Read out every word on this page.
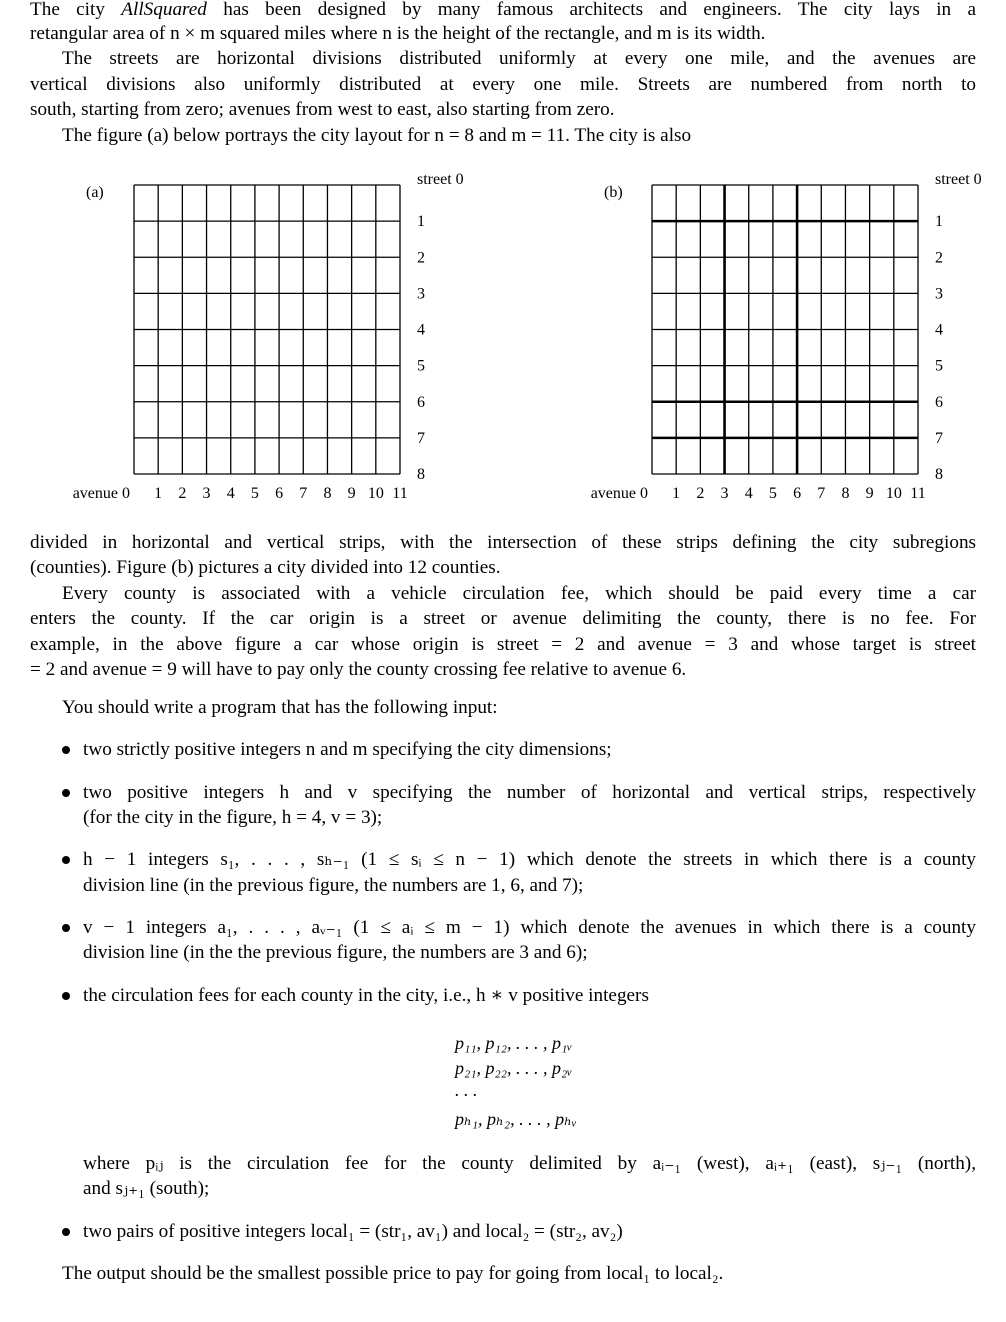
The city AllSquared has been designed by many famous architects and engineers. The city lays in a
retangular area of n × m squared miles where n is the height of the rectangle, and m is its width.
The streets are horizontal divisions distributed uniformly at every one mile, and the avenues are
vertical divisions also uniformly distributed at every one mile. Streets are numbered from north to
south, starting from zero; avenues from west to east, also starting from zero.
The figure (a) below portrays the city layout for n = 8 and m = 11. The city is also
divided in horizontal and vertical strips, with the intersection of these strips defining the city subregions
(counties). Figure (b) pictures a city divided into 12 counties.
Every county is associated with a vehicle circulation fee, which should be paid every time a car
enters the county. If the car origin is a street or avenue delimiting the county, there is no fee. For
example, in the above figure a car whose origin is street = 2 and avenue = 3 and whose target is street
= 2 and avenue = 9 will have to pay only the county crossing fee relative to avenue 6.
You should write a program that has the following input:
two strictly positive integers n and m specifying the city dimensions;
two positive integers h and v specifying the number of horizontal and vertical strips, respectively
(for the city in the figure, h = 4, v = 3);
h − 1 integers s₁, . . . , sₕ₋₁ (1 ≤ sᵢ ≤ n − 1) which denote the streets in which there is a county
division line (in the previous figure, the numbers are 1, 6, and 7);
v − 1 integers a₁, . . . , aᵥ₋₁ (1 ≤ aᵢ ≤ m − 1) which denote the avenues in which there is a county
division line (in the the previous figure, the numbers are 3 and 6);
the circulation fees for each county in the city, i.e., h ∗ v positive integers
p₁₁, p₁₂, . . . , p₁ᵥ
p₂₁, p₂₂, . . . , p₂ᵥ
. . .
pₕ₁, pₕ₂, . . . , pₕᵥ
where pᵢⱼ is the circulation fee for the county delimited by aᵢ₋₁ (west), aᵢ₊₁ (east), sⱼ₋₁ (north),
and sⱼ₊₁ (south);
two pairs of positive integers local₁ = (str₁, av₁) and local₂ = (str₂, av₂)
The output should be the smallest possible price to pay for going from local₁ to local₂.
(a)
street 0
1
2
3
4
5
6
7
8
avenue 0 1 2 3 4 5 6 7 8 9 10 11
(b)
street 0
1
2
3
4
5
6
7
8
avenue 0 1 2 3 4 5 6 7 8 9 10 11
